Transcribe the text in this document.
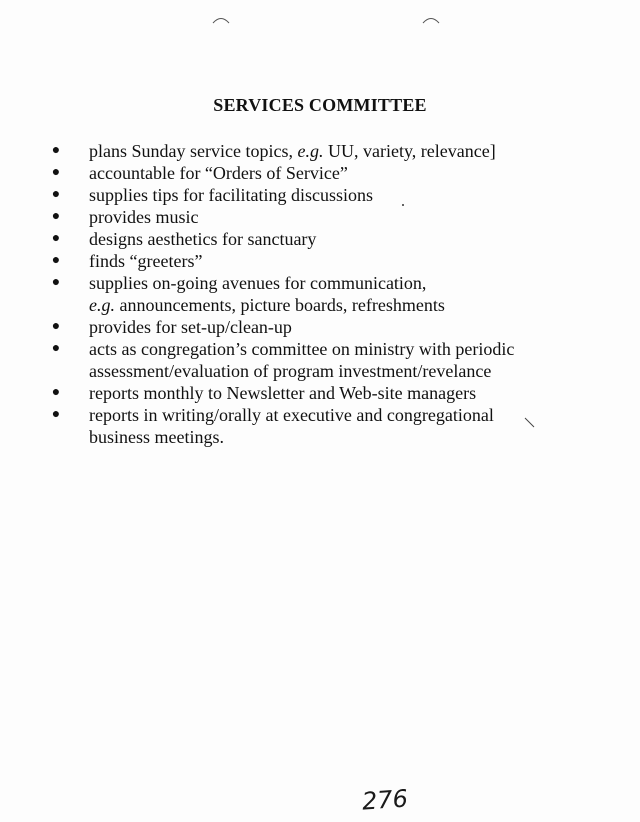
SERVICES COMMITTEE
● plans Sunday service topics, e.g. UU, variety, relevance]
● accountable for “Orders of Service”
● supplies tips for facilitating discussions
● provides music
● designs aesthetics for sanctuary
● finds “greeters”
● supplies on-going avenues for communication,
e.g. announcements, picture boards, refreshments
● provides for set-up/clean-up
● acts as congregation’s committee on ministry with periodic
assessment/evaluation of program investment/revelance
● reports monthly to Newsletter and Web-site managers
● reports in writing/orally at executive and congregational
business meetings.
276
